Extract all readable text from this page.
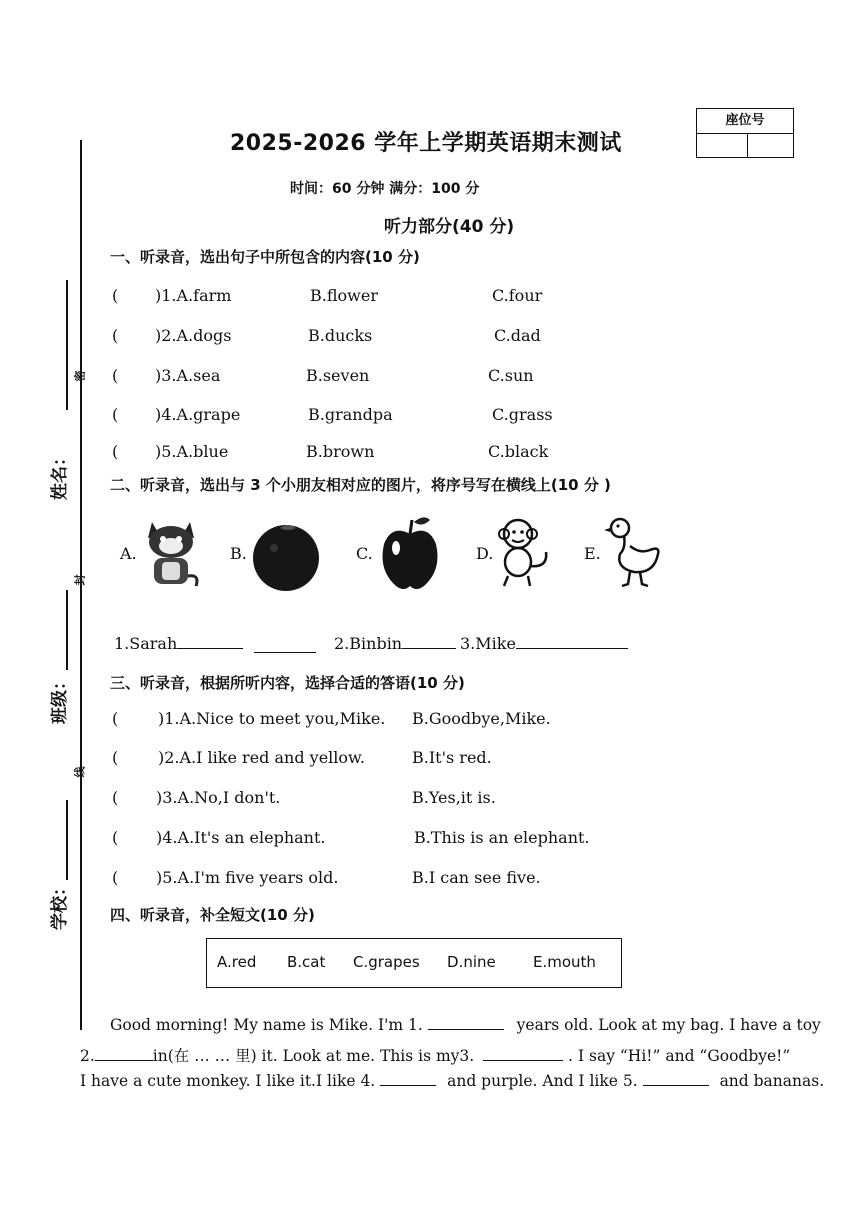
姓名：
班级：
学校：
密
封
线
座位号
2025-2026 学年上学期英语期末测试
时间：60 分钟 满分：100 分
听力部分(40 分)
一、听录音，选出句子中所包含的内容(10 分)
( )1.A.farm	B.flower	C.four
( )2.A.dogs	B.ducks	C.dad
( )3.A.sea	B.seven	C.sun
( )4.A.grape	B.grandpa	C.grass
( )5.A.blue	B.brown	C.black
二、听录音，选出与 3 个小朋友相对应的图片，将序号写在横线上(10 分 )
A.	B.	C.	D.	E.
1.Sarah	2.Binbin	3.Mike
三、听录音，根据所听内容，选择合适的答语(10 分)
( )1.A.Nice to meet you,Mike. B.Goodbye,Mike.
( )2.A.I like red and yellow.	B.It's red.
( )3.A.No,I don't.	B.Yes,it is.
( )4.A.It's an elephant.	B.This is an elephant.
( )5.A.I'm five years old.	B.I can see five.
四、听录音，补全短文(10 分)
A.red B.cat C.grapes D.nine E.mouth
Good morning! My name is Mike. I'm 1.	years old. Look at my bag. I have a toy
2.	in(在 … … 里) it. Look at me. This is my3.	. I say “Hi!” and “Goodbye!”
I have a cute monkey. I like it.I like 4.	and purple. And I like 5.	and bananas.
